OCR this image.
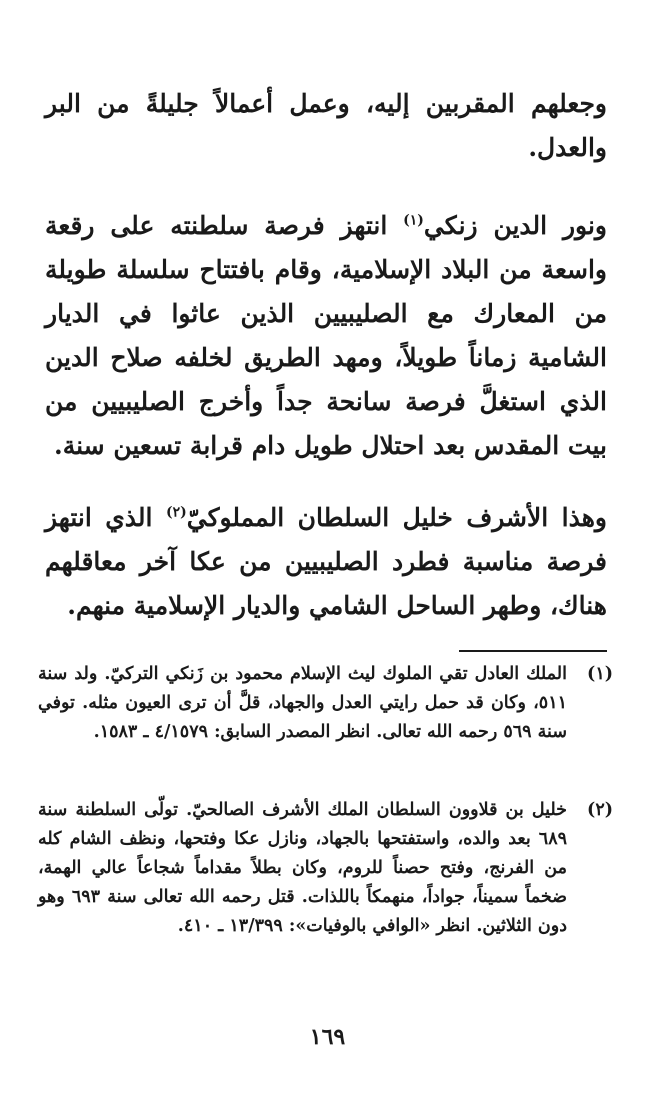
وجعلهم المقربين إليه، وعمل أعمالاً جليلةً من البر والعدل.

ونور الدين زنكي$^{(١)}$ انتهز فرصة سلطنته على رقعة واسعة من البلاد الإسلامية، وقام بافتتاح سلسلة طويلة من المعارك مع الصليبيين الذين عاثوا في الديار الشامية زماناً طويلاً، ومهد الطريق لخلفه صلاح الدين الذي استغلَّ فرصة سانحة جداً وأخرج الصليبيين من بيت المقدس بعد احتلال طويل دام قرابة تسعين سنة.

وهذا الأشرف خليل السلطان المملوكيّ$^{(٢)}$ الذي انتهز فرصة مناسبة فطرد الصليبيين من عكا آخر معاقلهم هناك، وطهر الساحل الشامي والديار الإسلامية منهم.

(١)

الملك العادل تقي الملوك ليث الإسلام محمود بن زَنكي التركيّ. ولد سنة ٥١١، وكان قد حمل رايتي العدل والجهاد، قلَّ أن ترى العيون مثله. توفي سنة ٥٦٩ رحمه الله تعالى. انظر المصدر السابق: ٤/١٥٧٩ ـ ١٥٨٣.

(٢)

خليل بن قلاوون السلطان الملك الأشرف الصالحيّ. تولّى السلطنة سنة ٦٨٩ بعد والده، واستفتحها بالجهاد، ونازل عكا وفتحها، ونظف الشام كله من الفرنج، وفتح حصناً للروم، وكان بطلاً مقداماً شجاعاً عالي الهمة، ضخماً سميناً، جواداً، منهمكاً باللذات. قتل رحمه الله تعالى سنة ٦٩٣ وهو دون الثلاثين. انظر «الوافي بالوفيات»: ١٣/٣٩٩ ـ ٤١٠.

١٦٩
